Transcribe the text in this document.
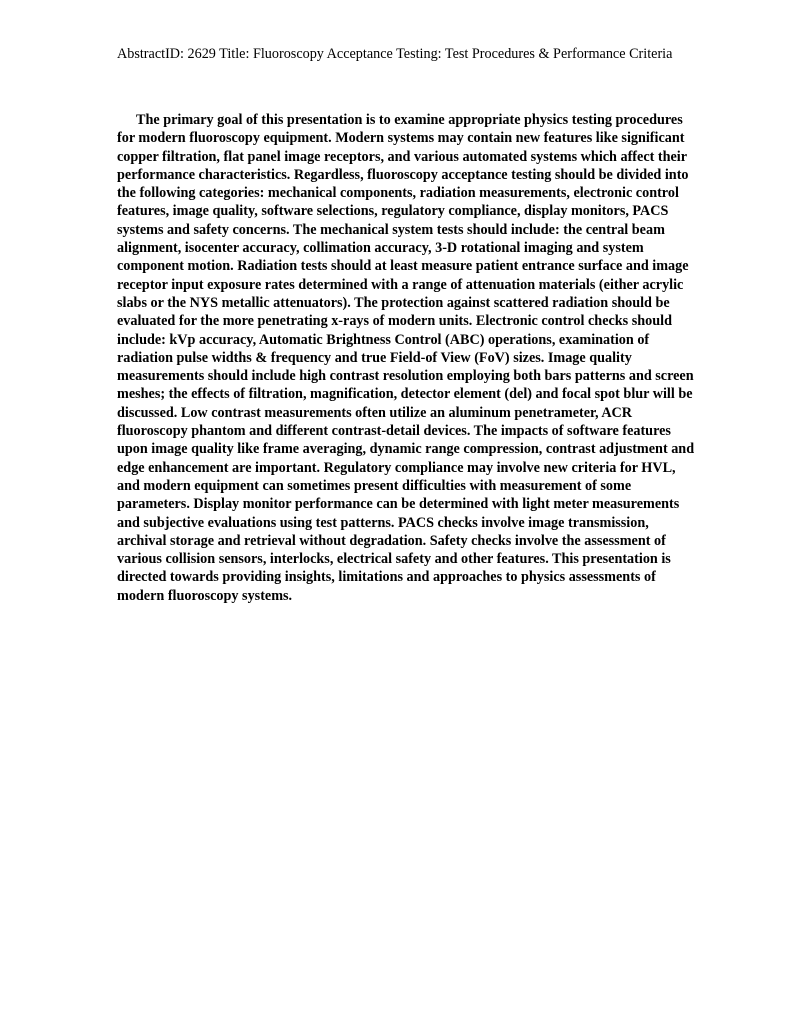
AbstractID: 2629 Title: Fluoroscopy Acceptance Testing: Test Procedures & Performance Criteria

The primary goal of this presentation is to examine appropriate physics testing procedures for modern fluoroscopy equipment. Modern systems may contain new features like significant copper filtration, flat panel image receptors, and various automated systems which affect their performance characteristics. Regardless, fluoroscopy acceptance testing should be divided into the following categories: mechanical components, radiation measurements, electronic control features, image quality, software selections, regulatory compliance, display monitors, PACS systems and safety concerns. The mechanical system tests should include: the central beam alignment, isocenter accuracy, collimation accuracy, 3-D rotational imaging and system component motion. Radiation tests should at least measure patient entrance surface and image receptor input exposure rates determined with a range of attenuation materials (either acrylic slabs or the NYS metallic attenuators). The protection against scattered radiation should be evaluated for the more penetrating x-rays of modern units. Electronic control checks should include: kVp accuracy, Automatic Brightness Control (ABC) operations, examination of radiation pulse widths & frequency and true Field-of View (FoV) sizes. Image quality measurements should include high contrast resolution employing both bars patterns and screen meshes; the effects of filtration, magnification, detector element (del) and focal spot blur will be discussed. Low contrast measurements often utilize an aluminum penetrameter, ACR fluoroscopy phantom and different contrast-detail devices. The impacts of software features upon image quality like frame averaging, dynamic range compression, contrast adjustment and edge enhancement are important. Regulatory compliance may involve new criteria for HVL, and modern equipment can sometimes present difficulties with measurement of some parameters. Display monitor performance can be determined with light meter measurements and subjective evaluations using test patterns. PACS checks involve image transmission, archival storage and retrieval without degradation. Safety checks involve the assessment of various collision sensors, interlocks, electrical safety and other features. This presentation is directed towards providing insights, limitations and approaches to physics assessments of modern fluoroscopy systems.
